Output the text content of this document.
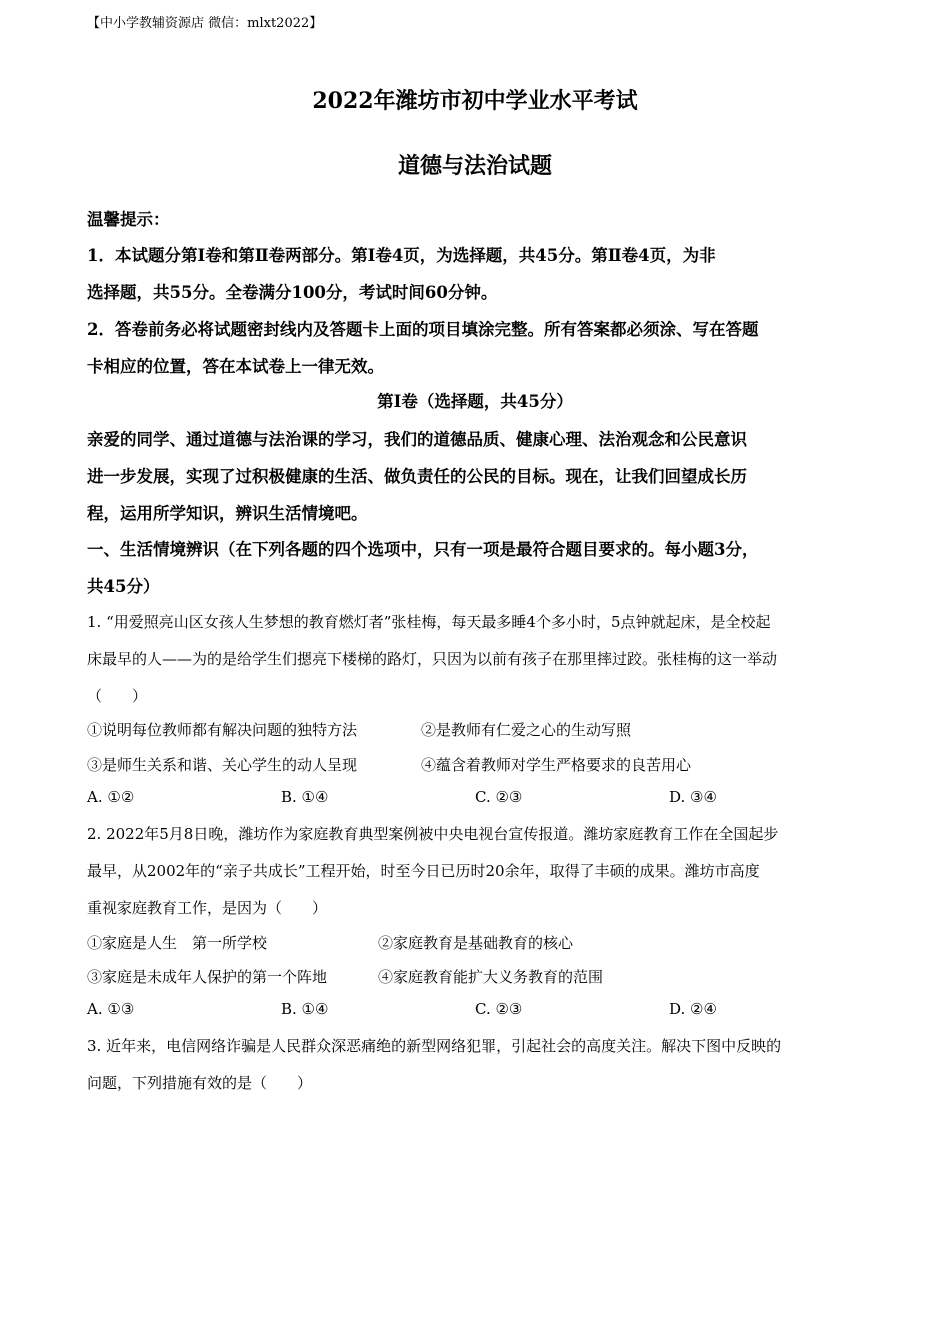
【中小学教辅资源店 微信：mlxt2022】
2022年潍坊市初中学业水平考试
道德与法治试题
温馨提示：
1．本试题分第Ⅰ卷和第Ⅱ卷两部分。第Ⅰ卷4页，为选择题，共45分。第Ⅱ卷4页，为非
选择题，共55分。全卷满分100分，考试时间60分钟。
2．答卷前务必将试题密封线内及答题卡上面的项目填涂完整。所有答案都必须涂、写在答题
卡相应的位置，答在本试卷上一律无效。
第Ⅰ卷（选择题，共45分）
亲爱的同学、通过道德与法治课的学习，我们的道德品质、健康心理、法治观念和公民意识
进一步发展，实现了过积极健康的生活、做负责任的公民的目标。现在，让我们回望成长历
程，运用所学知识，辨识生活情境吧。
一、生活情境辨识（在下列各题的四个选项中，只有一项是最符合题目要求的。每小题3分，
共45分）
1. “用爱照亮山区女孩人生梦想的教育燃灯者”张桂梅，每天最多睡4个多小时，5点钟就起床，是全校起
床最早的人——为的是给学生们摁亮下楼梯的路灯，只因为以前有孩子在那里摔过跤。张桂梅的这一举动
（　　）
①说明每位教师都有解决问题的独特方法	②是教师有仁爱之心的生动写照
③是师生关系和谐、关心学生的动人呈现	④蕴含着教师对学生严格要求的良苦用心
A. ①②	B. ①④	C. ②③	D. ③④
2. 2022年5月8日晚，潍坊作为家庭教育典型案例被中央电视台宣传报道。潍坊家庭教育工作在全国起步
最早，从2002年的“亲子共成长”工程开始，时至今日已历时20余年，取得了丰硕的成果。潍坊市高度
重视家庭教育工作，是因为（　　）
①家庭是人生　第一所学校	②家庭教育是基础教育的核心
③家庭是未成年人保护的第一个阵地	④家庭教育能扩大义务教育的范围
A. ①③	B. ①④	C. ②③	D. ②④
3. 近年来，电信网络诈骗是人民群众深恶痛绝的新型网络犯罪，引起社会的高度关注。解决下图中反映的
问题，下列措施有效的是（　　）
